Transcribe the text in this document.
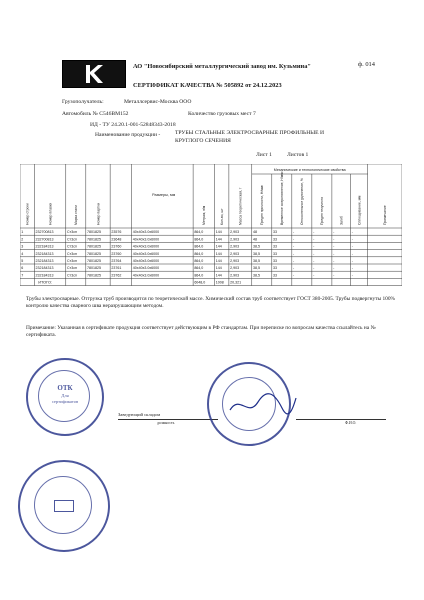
АО "Новосибирский металлургический завод им. Кузьмина"	ф. 014
СЕРТИФИКАТ КАЧЕСТВА № 505892 от 24.12.2023
Грузополучатель:	Металлсервис-Москва ООО
Автомобиль № С546ВМ152	Количество грузовых мест 7
ИД - ТУ 24.20.1-001-52848343-2018
Наименование продукции -	ТРУБЫ СТАЛЬНЫЕ ЭЛЕКТРОСВАРНЫЕ ПРОФИЛЬНЫЕ И
КРУГЛОГО СЕЧЕНИЯ
Лист 1	Листов 1
Механические и технологические свойства
Номер строки	Номер плавки	Марка стали	Номер партии
Размеры, мм
Метраж, п/м	Кол-во, шт	Масса теоретическая, т	Предел прочности, Н/мм²	Временное сопротивление, Н/мм²	Относительное удлинение, %	Предел текучести	Загиб	Сплющивание, мм	Примечание
1	232700813	Ст3сп	7801825	23576	40x40x3.0x6000	864,0	144 2,903	48	33	-	-	-	-
2	232700813	Ст3сп	7801825	23648	40x40x3.0x6000	864,0	144 2,903	48	33	-	-	-	-
3	232184313	Ст3сп	7801825	23760	40x40x3.0x6000	864,0	144 2,903	38,5	33	-	-	-	-
4	232184313	Ст3сп	7801825	23760	40x40x3.0x6000	864,0	144 2,903	38,5	33	-	-	-	-
5	232184313	Ст3сп	7801825	23764	40x40x3.0x6000	864,0	144 2,903	38,5	33	-	-	-	-
6	232184313	Ст3сп	7801825	23761	40x40x3.0x6000	864,0	144 2,903	38,5	33	-	-	-	-
7	232184313	Ст3сп	7801825	23762	40x40x3.0x6000	864,0	144 2,903	38,5	33	-	-	-	-
ИТОГО:	6048,0	1008 20,321
Трубы электросварные. Отгрузка труб производится по теоретической массе. Химический состав труб соответствует ГОСТ 380-2005. Трубы подвергнуты 100% контролю качества сварного шва неразрушающим методом.
Примечание: Указанная в сертификате продукция соответствует действующим в РФ стандартам. При переписке по вопросам качества ссылайтесь на № сертификата.
ОТК
Для
сертификатов
Заведующий складом
должность	Ф.И.О.
